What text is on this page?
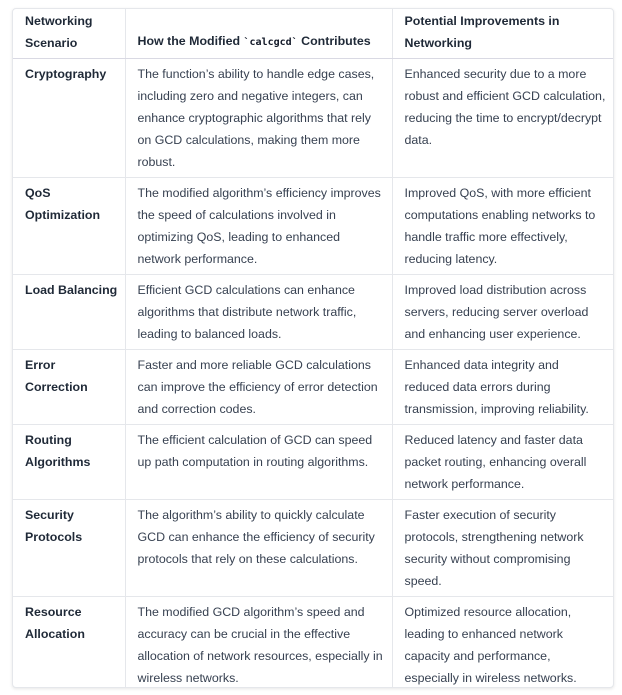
Networking Scenario	How the Modified `calcgcd` Contributes	Potential Improvements in Networking
Cryptography	The function’s ability to handle edge cases, including zero and negative integers, can enhance cryptographic algorithms that rely on GCD calculations, making them more robust.	Enhanced security due to a more robust and efficient GCD calculation, reducing the time to encrypt/decrypt data.
QoS Optimization	The modified algorithm’s efficiency improves the speed of calculations involved in optimizing QoS, leading to enhanced network performance.	Improved QoS, with more efficient computations enabling networks to handle traffic more effectively, reducing latency.
Load Balancing	Efficient GCD calculations can enhance algorithms that distribute network traffic, leading to balanced loads.	Improved load distribution across servers, reducing server overload and enhancing user experience.
Error Correction	Faster and more reliable GCD calculations can improve the efficiency of error detection and correction codes.	Enhanced data integrity and reduced data errors during transmission, improving reliability.
Routing Algorithms	The efficient calculation of GCD can speed up path computation in routing algorithms.	Reduced latency and faster data packet routing, enhancing overall network performance.
Security Protocols	The algorithm’s ability to quickly calculate GCD can enhance the efficiency of security protocols that rely on these calculations.	Faster execution of security protocols, strengthening network security without compromising speed.
Resource Allocation	The modified GCD algorithm’s speed and accuracy can be crucial in the effective allocation of network resources, especially in wireless networks.	Optimized resource allocation, leading to enhanced network capacity and performance, especially in wireless networks.
